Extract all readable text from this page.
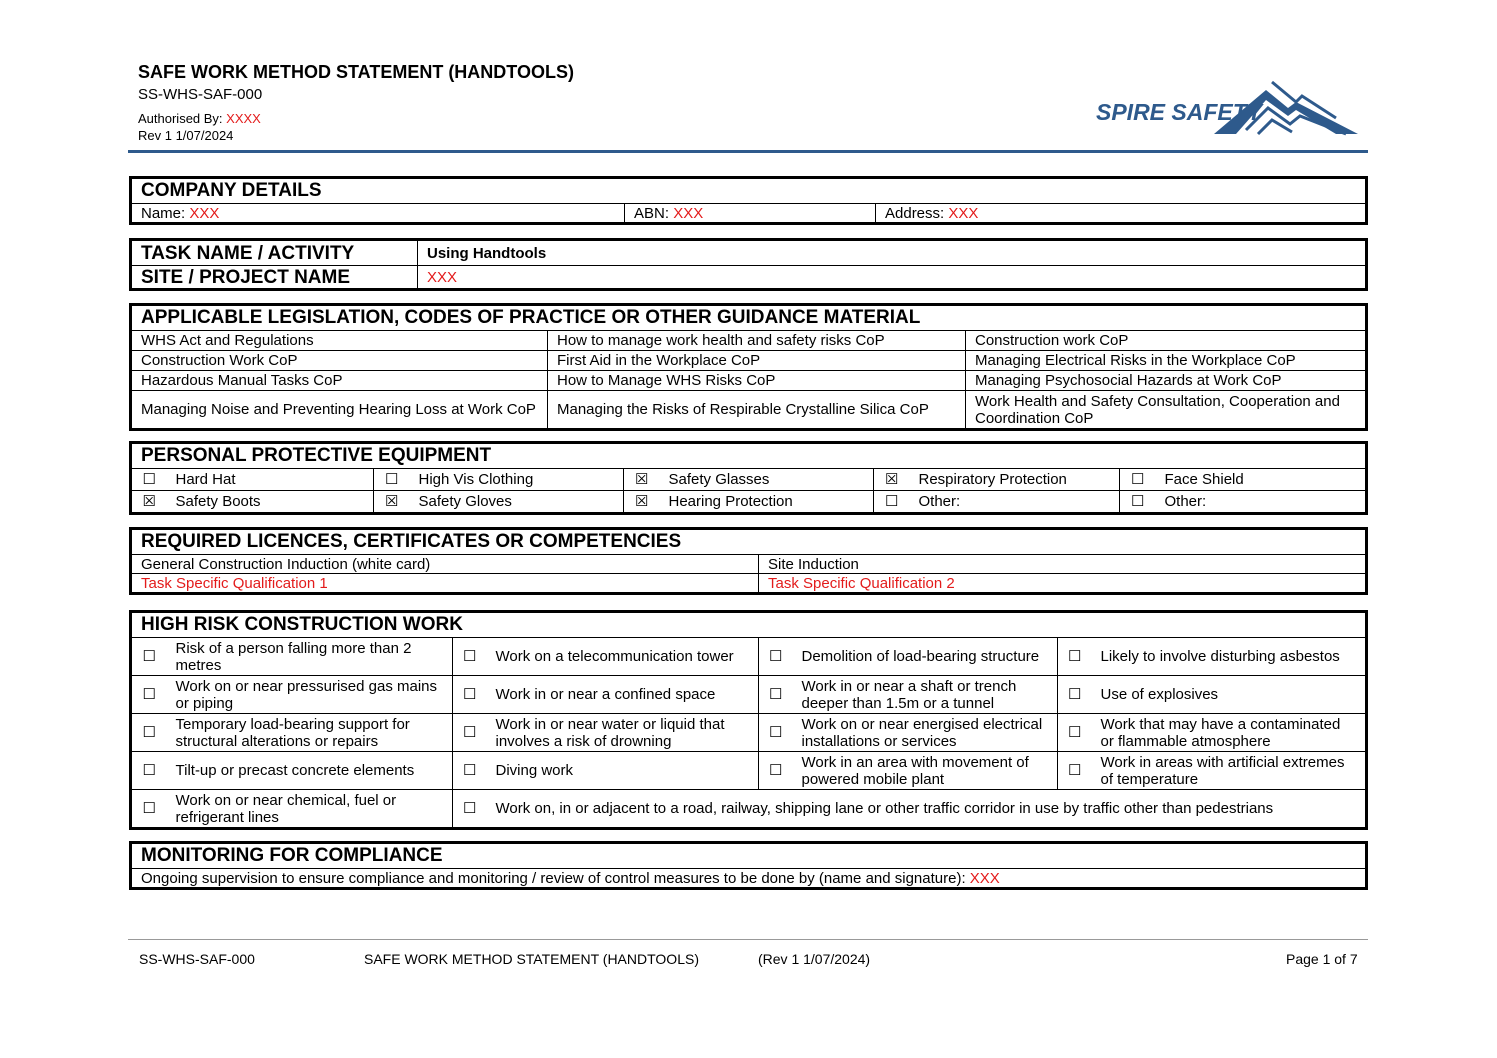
SAFE WORK METHOD STATEMENT (HANDTOOLS)
SS-WHS-SAF-000
Authorised By: XXXX
Rev 1 1/07/2024
SPIRE SAFETY
COMPANY DETAILS
Name: XXX	ABN: XXX	Address: XXX
TASK NAME / ACTIVITY	Using Handtools
SITE / PROJECT NAME	XXX
APPLICABLE LEGISLATION, CODES OF PRACTICE OR OTHER GUIDANCE MATERIAL		
WHS Act and Regulations	How to manage work health and safety risks CoP	Construction work CoP
Construction Work CoP	First Aid in the Workplace CoP	Managing Electrical Risks in the Workplace CoP
Hazardous Manual Tasks CoP	How to Manage WHS Risks CoP	Managing Psychosocial Hazards at Work CoP
Managing Noise and Preventing Hearing Loss at Work CoP	Managing the Risks of Respirable Crystalline Silica CoP	Work Health and Safety Consultation, Cooperation and Coordination CoP
PERSONAL PROTECTIVE EQUIPMENT									
☐	Hard Hat	☐	High Vis Clothing	☒	Safety Glasses	☒	Respiratory Protection	☐	Face Shield
☒	Safety Boots	☒	Safety Gloves	☒	Hearing Protection	☐	Other:	☐	Other:
REQUIRED LICENCES, CERTIFICATES OR COMPETENCIES	
General Construction Induction (white card)	Site Induction
Task Specific Qualification 1	Task Specific Qualification 2
HIGH RISK CONSTRUCTION WORK							
☐	Risk of a person falling more than 2 metres	☐	Work on a telecommunication tower	☐	Demolition of load-bearing structure	☐	Likely to involve disturbing asbestos
☐	Work on or near pressurised gas mains or piping	☐	Work in or near a confined space	☐	Work in or near a shaft or trench deeper than 1.5m or a tunnel	☐	Use of explosives
☐	Temporary load-bearing support for structural alterations or repairs	☐	Work in or near water or liquid that involves a risk of drowning	☐	Work on or near energised electrical installations or services	☐	Work that may have a contaminated or flammable atmosphere
☐	Tilt-up or precast concrete elements	☐	Diving work	☐	Work in an area with movement of powered mobile plant	☐	Work in areas with artificial extremes of temperature
☐	Work on or near chemical, fuel or refrigerant lines	☐	Work on, in or adjacent to a road, railway, shipping lane or other traffic corridor in use by traffic other than pedestrians				
MONITORING FOR COMPLIANCE
Ongoing supervision to ensure compliance and monitoring / review of control measures to be done by (name and signature): XXX
SS-WHS-SAF-000	SAFE WORK METHOD STATEMENT (HANDTOOLS)	(Rev 1 1/07/2024)	Page 1 of 7
